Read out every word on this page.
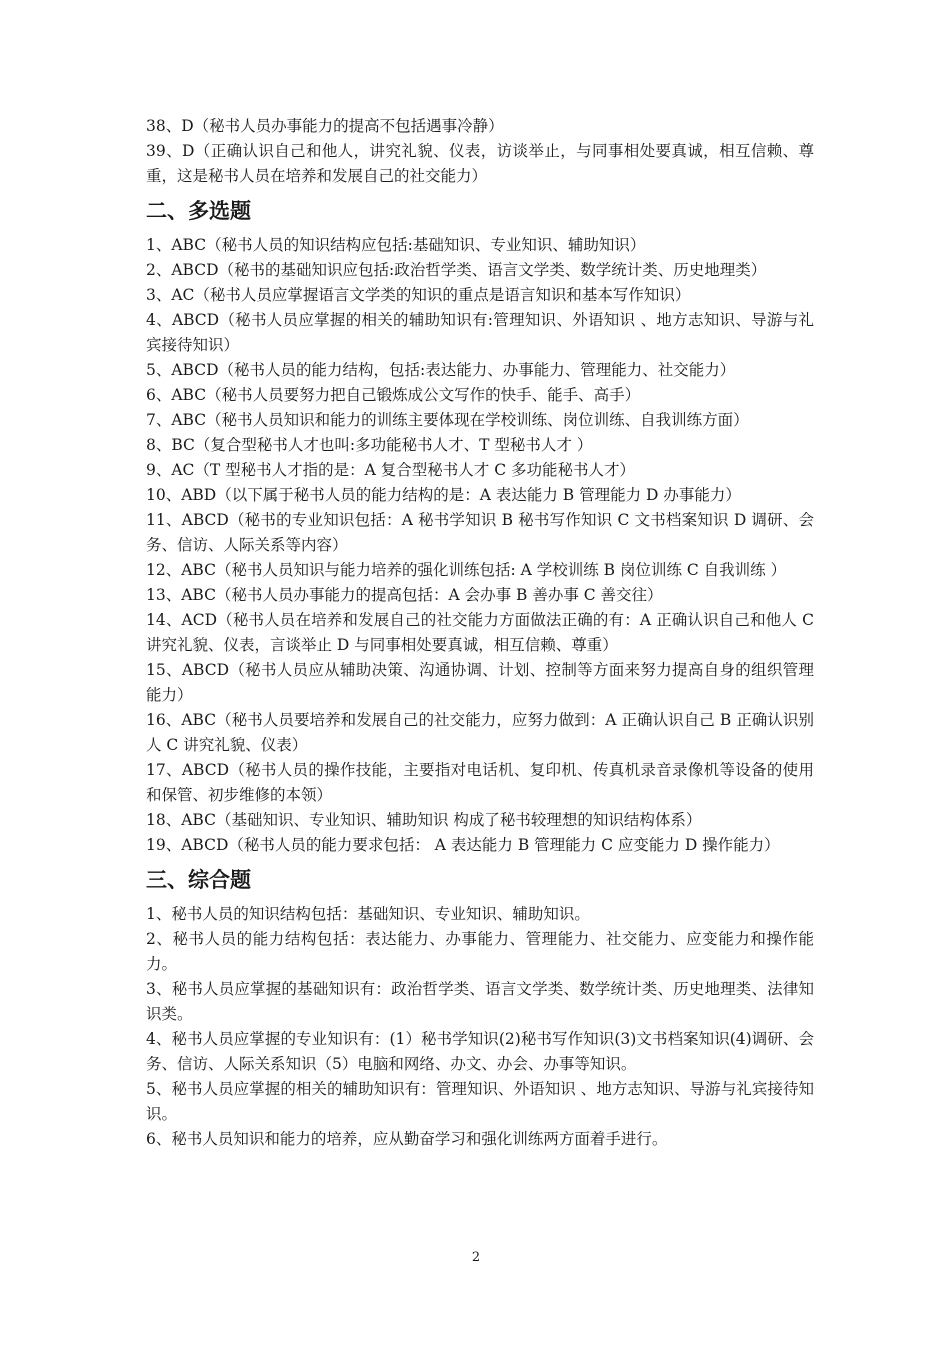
38、D（秘书人员办事能力的提高不包括遇事冷静）
39、D（正确认识自己和他人，讲究礼貌、仪表，访谈举止，与同事相处要真诚，相互信赖、尊重，这是秘书人员在培养和发展自己的社交能力）
二、多选题
1、ABC（秘书人员的知识结构应包括:基础知识、专业知识、辅助知识）
2、ABCD（秘书的基础知识应包括:政治哲学类、语言文学类、数学统计类、历史地理类）
3、AC（秘书人员应掌握语言文学类的知识的重点是语言知识和基本写作知识）
4、ABCD（秘书人员应掌握的相关的辅助知识有:管理知识、外语知识 、地方志知识、导游与礼宾接待知识）
5、ABCD（秘书人员的能力结构，包括:表达能力、办事能力、管理能力、社交能力）
6、ABC（秘书人员要努力把自己锻炼成公文写作的快手、能手、高手）
7、ABC（秘书人员知识和能力的训练主要体现在学校训练、岗位训练、自我训练方面）
8、BC（复合型秘书人才也叫:多功能秘书人才、T 型秘书人才 ）
9、AC（T 型秘书人才指的是：A 复合型秘书人才 C 多功能秘书人才）
10、ABD（以下属于秘书人员的能力结构的是：A 表达能力 B 管理能力 D 办事能力）
11、ABCD（秘书的专业知识包括：A 秘书学知识 B 秘书写作知识 C 文书档案知识 D 调研、会务、信访、人际关系等内容）
12、ABC（秘书人员知识与能力培养的强化训练包括: A 学校训练 B 岗位训练 C 自我训练 ）
13、ABC（秘书人员办事能力的提高包括：A 会办事 B 善办事 C 善交往）
14、ACD（秘书人员在培养和发展自己的社交能力方面做法正确的有：A 正确认识自己和他人 C 讲究礼貌、仪表，言谈举止 D 与同事相处要真诚，相互信赖、尊重）
15、ABCD（秘书人员应从辅助决策、沟通协调、计划、控制等方面来努力提高自身的组织管理能力）
16、ABC（秘书人员要培养和发展自己的社交能力，应努力做到：A 正确认识自己 B 正确认识别人 C 讲究礼貌、仪表）
17、ABCD（秘书人员的操作技能，主要指对电话机、复印机、传真机录音录像机等设备的使用和保管、初步维修的本领）
18、ABC（基础知识、专业知识、辅助知识 构成了秘书较理想的知识结构体系）
19、ABCD（秘书人员的能力要求包括： A 表达能力 B 管理能力 C 应变能力 D 操作能力）
三、综合题
1、秘书人员的知识结构包括：基础知识、专业知识、辅助知识。
2、秘书人员的能力结构包括：表达能力、办事能力、管理能力、社交能力、应变能力和操作能力。
3、秘书人员应掌握的基础知识有：政治哲学类、语言文学类、数学统计类、历史地理类、法律知识类。
4、秘书人员应掌握的专业知识有：(1）秘书学知识(2)秘书写作知识(3)文书档案知识(4)调研、会务、信访、人际关系知识（5）电脑和网络、办文、办会、办事等知识。
5、秘书人员应掌握的相关的辅助知识有：管理知识、外语知识 、地方志知识、导游与礼宾接待知识。
6、秘书人员知识和能力的培养，应从勤奋学习和强化训练两方面着手进行。
2
